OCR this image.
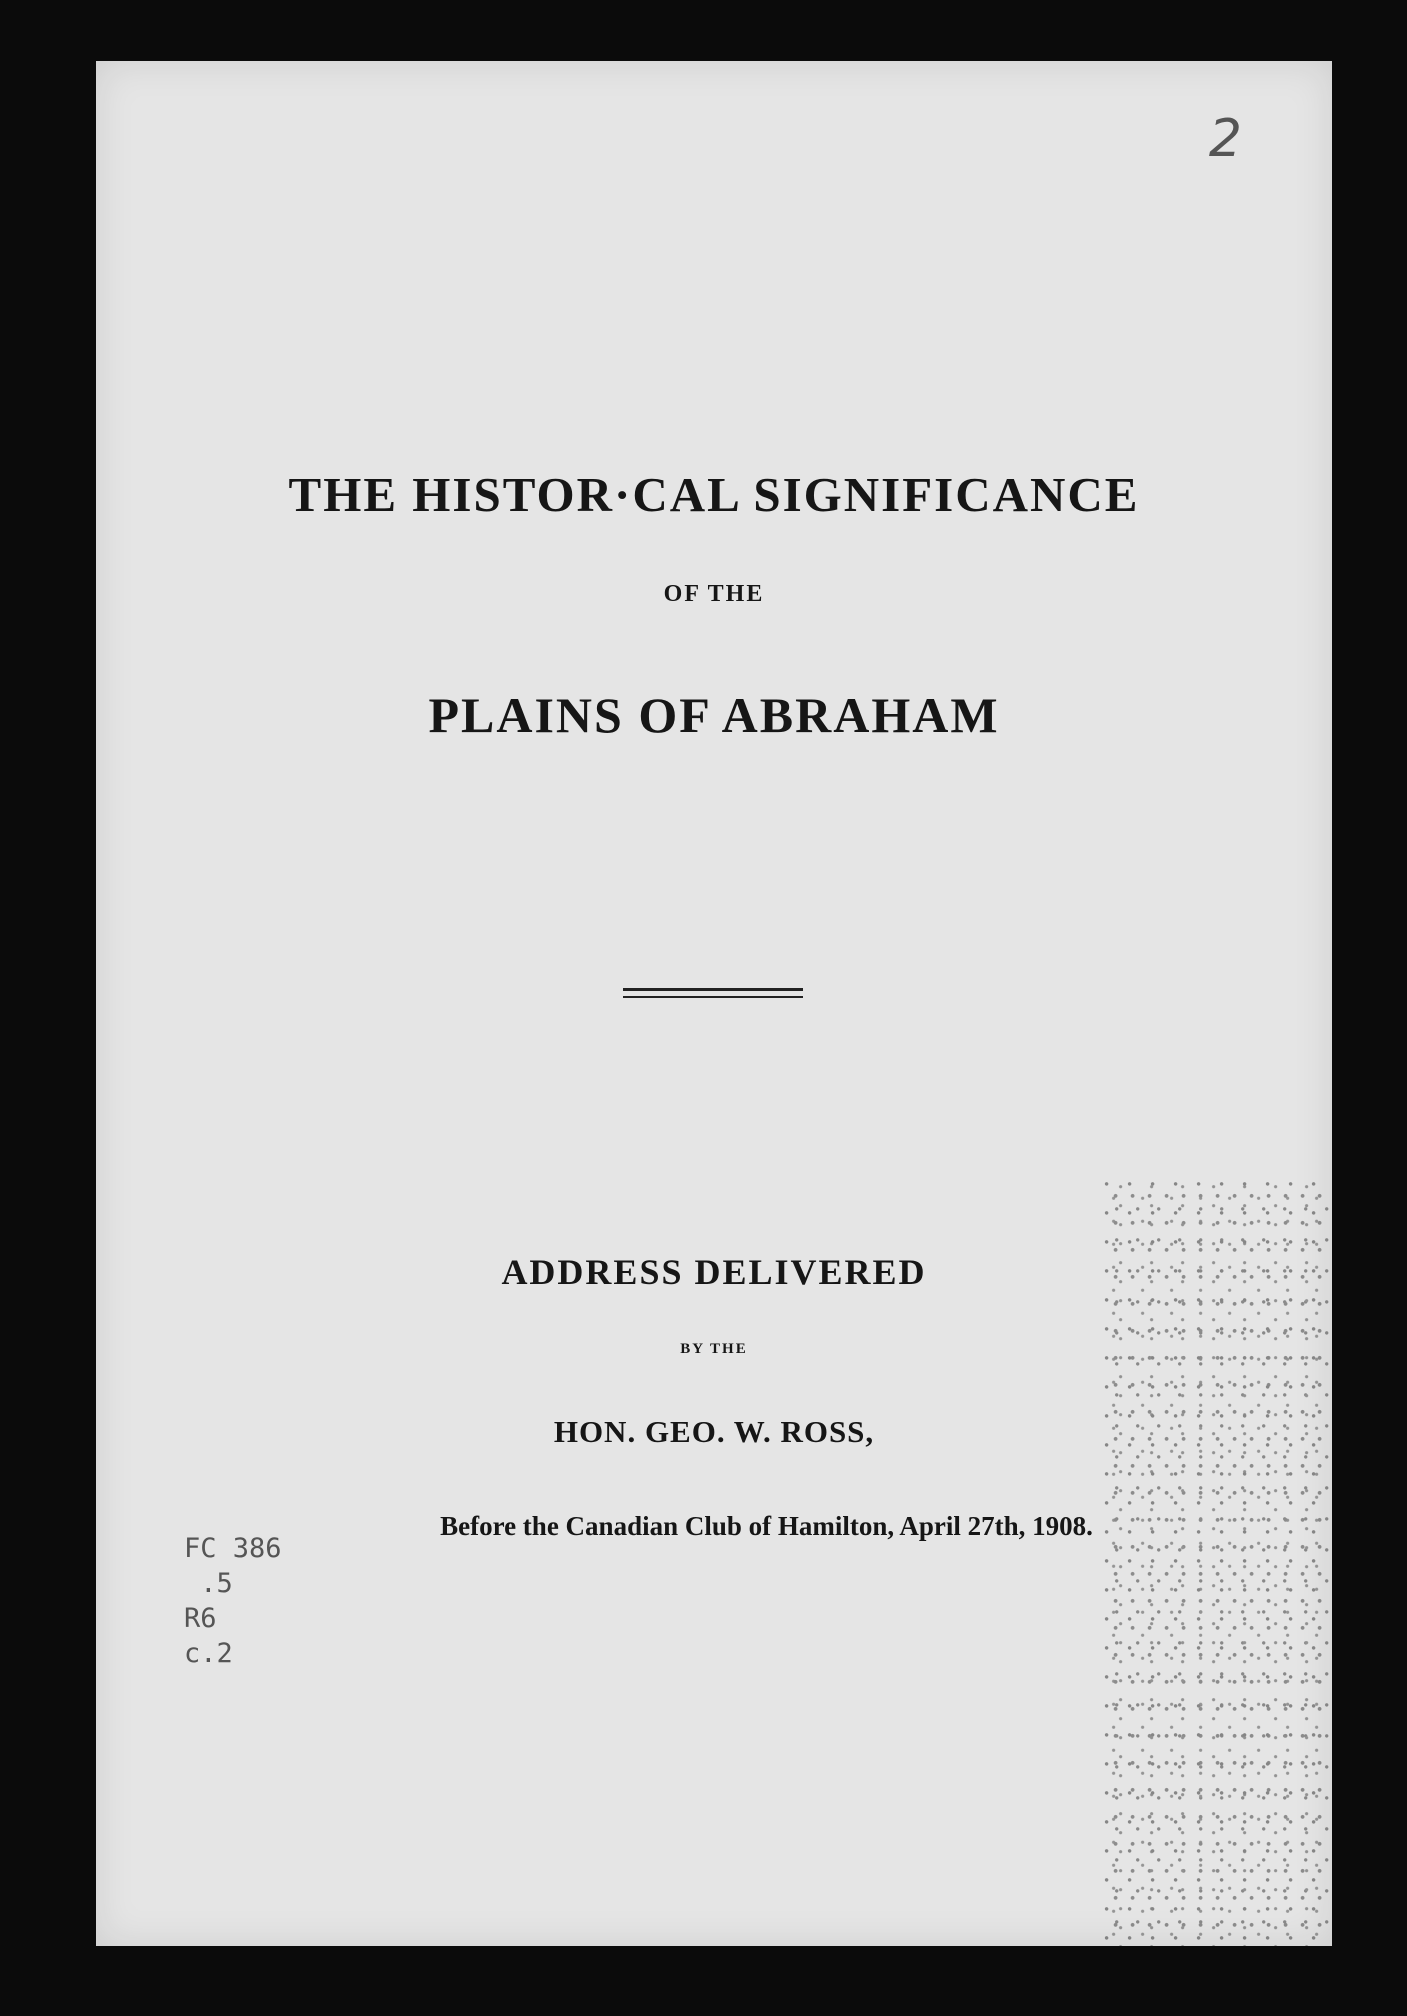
2
THE HISTOR·CAL SIGNIFICANCE
OF THE
PLAINS OF ABRAHAM
ADDRESS DELIVERED
BY THE
HON. GEO. W. ROSS,
Before the Canadian Club of Hamilton, April 27th, 1908.
FC 386
.5
R6
c.2
